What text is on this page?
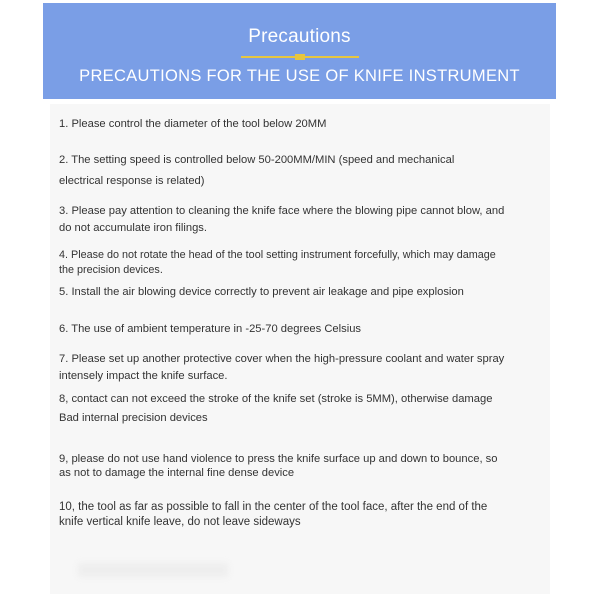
Precautions
PRECAUTIONS FOR THE USE OF KNIFE INSTRUMENT
1. Please control the diameter of the tool below 20MM
2. The setting speed is controlled below 50-200MM/MIN (speed and mechanical
electrical response is related)
3. Please pay attention to cleaning the knife face where the blowing pipe cannot blow, and
do not accumulate iron filings.
4. Please do not rotate the head of the tool setting instrument forcefully, which may damage
the precision devices.
5. Install the air blowing device correctly to prevent air leakage and pipe explosion
6. The use of ambient temperature in -25-70 degrees Celsius
7. Please set up another protective cover when the high-pressure coolant and water spray
intensely impact the knife surface.
8, contact can not exceed the stroke of the knife set (stroke is 5MM), otherwise damage
Bad internal precision devices
9, please do not use hand violence to press the knife surface up and down to bounce, so
as not to damage the internal fine dense device
10, the tool as far as possible to fall in the center of the tool face, after the end of the
knife vertical knife leave, do not leave sideways
